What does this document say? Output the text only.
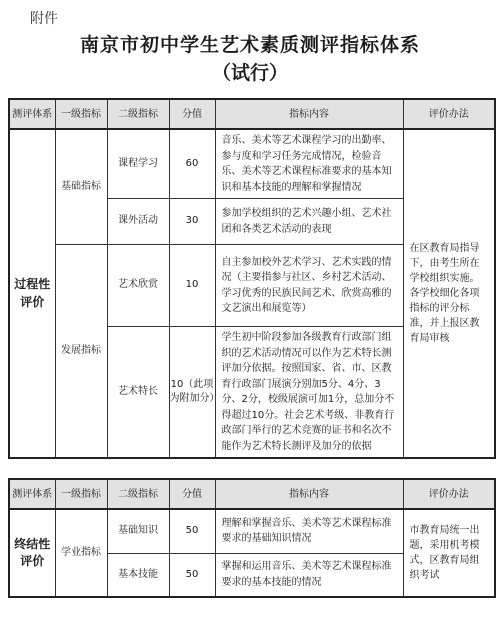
附件
南京市初中学生艺术素质测评指标体系
（试行）
测评体系	一级指标	二级指标	分值	指标内容	评价办法
过程性评价	基础指标	课程学习	60	音乐、美术等艺术课程学习的出勤率、参与度和学习任务完成情况，检验音乐、美术等艺术课程标准要求的基本知识和基本技能的理解和掌握情况	在区教育局指导下，由考生所在学校组织实施。各学校细化各项指标的评分标准，并上报区教育局审核
		课外活动	30	参加学校组织的艺术兴趣小组、艺术社团和各类艺术活动的表现	
	发展指标	艺术欣赏	10	自主参加校外艺术学习、艺术实践的情况（主要指参与社区、乡村艺术活动、学习优秀的民族民间艺术、欣赏高雅的文艺演出和展览等）	
		艺术特长	10（此项为附加分）	学生初中阶段参加各级教育行政部门组织的艺术活动情况可以作为艺术特长测评加分依据。按照国家、省、市、区教育行政部门展演分别加5分、4分、3分、2分，校级展演可加1分，总加分不得超过10分。社会艺术考级、非教育行政部门举行的艺术竞赛的证书和名次不能作为艺术特长测评及加分的依据	
测评体系	一级指标	二级指标	分值	指标内容	评价办法
终结性评价	学业指标	基础知识	50	理解和掌握音乐、美术等艺术课程标准要求的基础知识情况	市教育局统一出题，采用机考模式，区教育局组织考试
		基本技能	50	掌握和运用音乐、美术等艺术课程标准要求的基本技能的情况	
